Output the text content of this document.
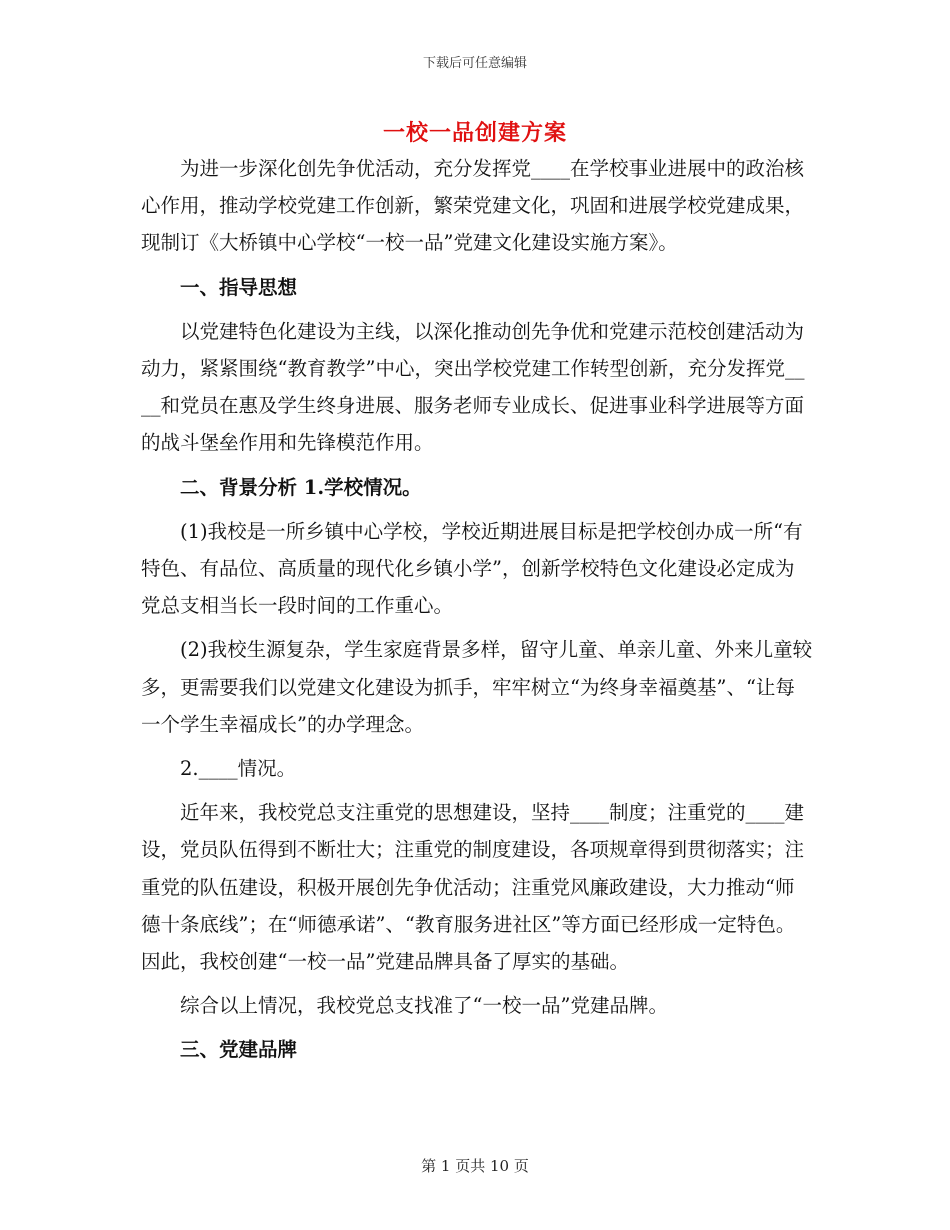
下载后可任意编辑
一校一品创建方案

为进一步深化创先争优活动，充分发挥党____在学校事业进展中的政治核心作用，推动学校党建工作创新，繁荣党建文化，巩固和进展学校党建成果，现制订《大桥镇中心学校“一校一品”党建文化建设实施方案》。

一、指导思想

以党建特色化建设为主线，以深化推动创先争优和党建示范校创建活动为动力，紧紧围绕“教育教学”中心，突出学校党建工作转型创新，充分发挥党____和党员在惠及学生终身进展、服务老师专业成长、促进事业科学进展等方面的战斗堡垒作用和先锋模范作用。

二、背景分析 1.学校情况。

(1)我校是一所乡镇中心学校，学校近期进展目标是把学校创办成一所“有特色、有品位、高质量的现代化乡镇小学”，创新学校特色文化建设必定成为党总支相当长一段时间的工作重心。

(2)我校生源复杂，学生家庭背景多样，留守儿童、单亲儿童、外来儿童较多，更需要我们以党建文化建设为抓手，牢牢树立“为终身幸福奠基”、“让每一个学生幸福成长”的办学理念。

2.____情况。

近年来，我校党总支注重党的思想建设，坚持____制度；注重党的____建设，党员队伍得到不断壮大；注重党的制度建设，各项规章得到贯彻落实；注重党的队伍建设，积极开展创先争优活动；注重党风廉政建设，大力推动“师德十条底线”；在“师德承诺”、“教育服务进社区”等方面已经形成一定特色。因此，我校创建“一校一品”党建品牌具备了厚实的基础。

综合以上情况，我校党总支找准了“一校一品”党建品牌。

三、党建品牌
第 1 页共 10 页
